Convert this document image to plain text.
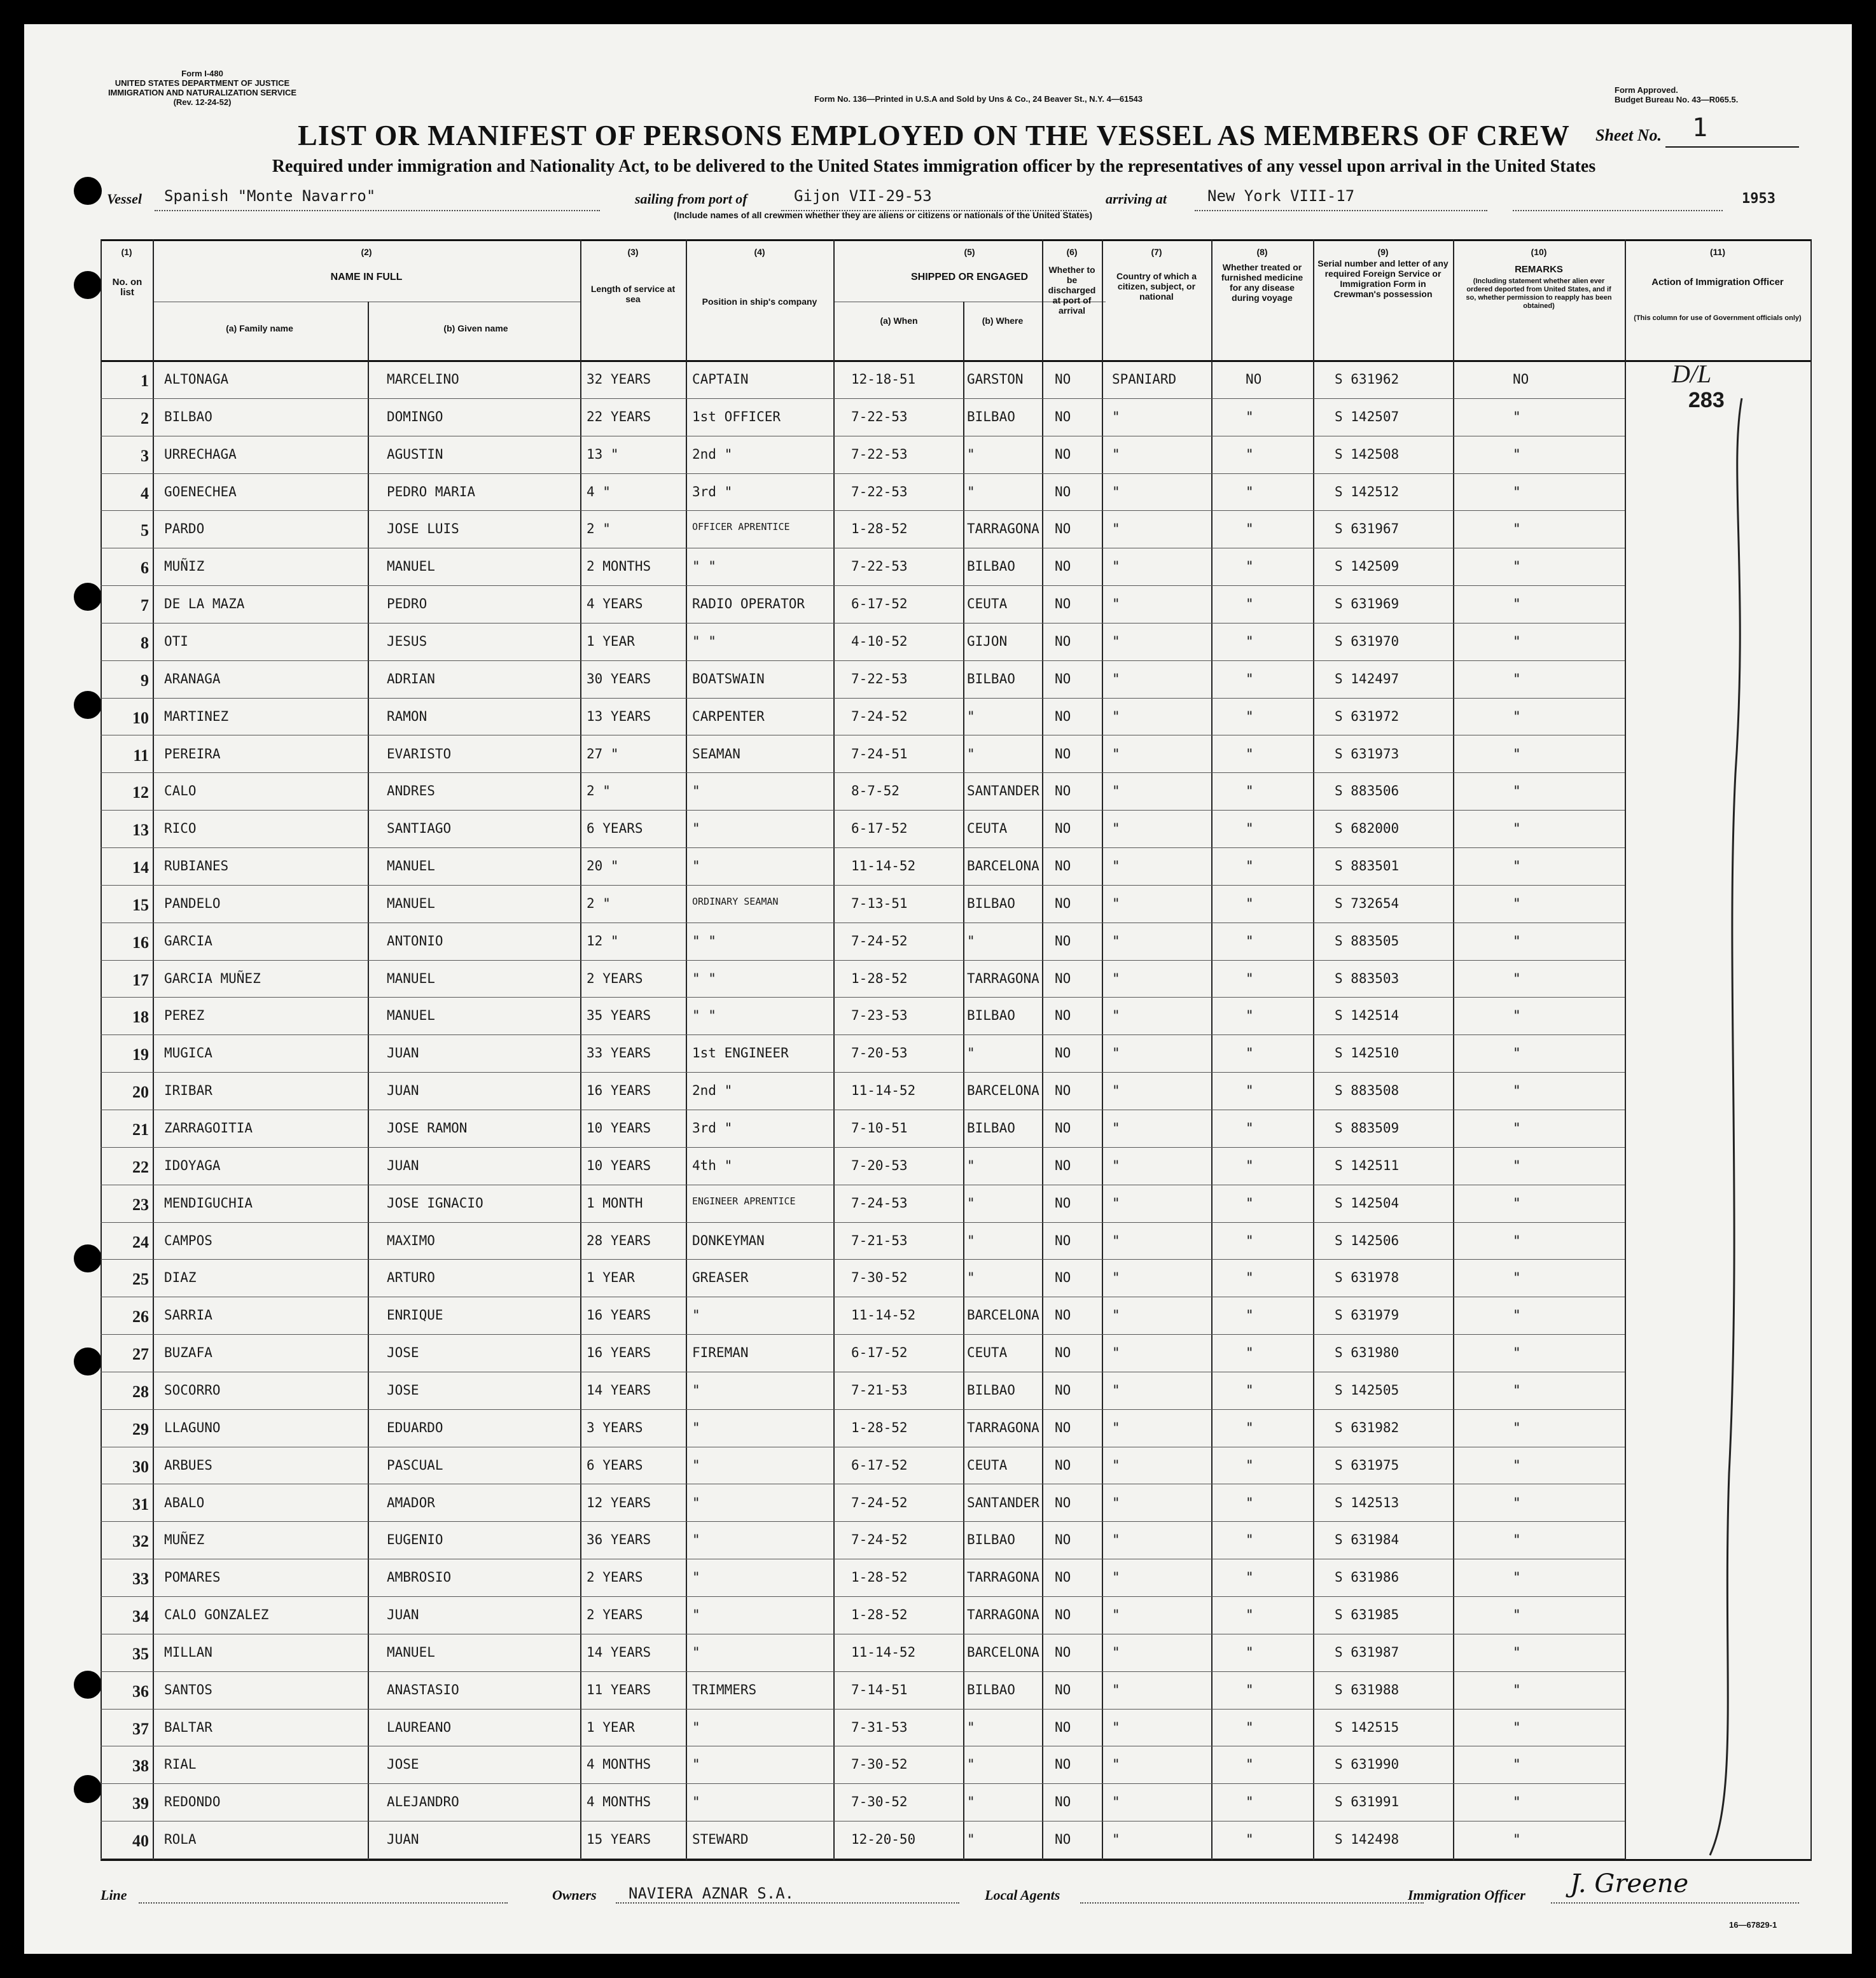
Form I-480
UNITED STATES DEPARTMENT OF JUSTICE
IMMIGRATION AND NATURALIZATION SERVICE
(Rev. 12-24-52)	Form No. 136—Printed in U.S.A and Sold by Uns & Co., 24 Beaver St., N.Y. 4—61543
Form Approved.
Budget Bureau No. 43—R065.5.
LIST OR MANIFEST OF PERSONS EMPLOYED ON THE VESSEL AS MEMBERS OF CREW	Sheet No. 1
Required under immigration and Nationality Act, to be delivered to the United States immigration officer by the representatives of any vessel upon arrival in the United States
Vessel Spanish "Monte Navarro"	sailing from port of	Gijon VII-29-53	arriving at	New York VIII-17	1953
(Include names of all crewmen whether they are aliens or citizens or nationals of the United States)
(1)
No. on list
(2)
NAME IN FULL
(a) Family name	(b) Given name
(3)
Length of service at sea
(4)
Position in ship's company
(5)
SHIPPED OR ENGAGED
(a) When	(b) Where
(6)
Whether to be discharged at port of arrival
(7)
Country of which a citizen, subject, or national
(8)
Whether treated or furnished medicine for any disease during voyage
(9)
Serial number and letter of any required Foreign Service or Immigration Form in Crewman's possession
(10)
REMARKS
(Including statement whether alien ever ordered deported from United States, and if so, whether permission to reapply has been obtained)
(11)
Action of Immigration Officer
(This column for use of Government officials only)
D/L
283
1 ALTONAGA	MARCELINO	32 YEARS	CAPTAIN	12-18-51	GARSTON NO	SPANIARD	NO	S 631962	NO
2 BILBAO	DOMINGO	22 YEARS	1st OFFICER	7-22-53	BILBAO	NO	"	"	S 142507	"
3 URRECHAGA	AGUSTIN	13 "	2nd "	7-22-53	"	NO	"	"	S 142508	"
4 GOENECHEA	PEDRO MARIA	4 "	3rd "	7-22-53	"	NO	"	"	S 142512	"
5 PARDO	JOSE LUIS	2 "	OFFICER APRENTICE	1-28-52	TARRAGONA NO	"	"	S 631967	"
6 MUÑIZ	MANUEL	2 MONTHS	" "	7-22-53	BILBAO	NO	"	"	S 142509	"
7 DE LA MAZA	PEDRO	4 YEARS	RADIO OPERATOR	6-17-52	CEUTA	NO	"	"	S 631969	"
8 OTI	JESUS	1 YEAR	" "	4-10-52	GIJON	NO	"	"	S 631970	"
9 ARANAGA	ADRIAN	30 YEARS	BOATSWAIN	7-22-53	BILBAO	NO	"	"	S 142497	"
10 MARTINEZ	RAMON	13 YEARS	CARPENTER	7-24-52	"	NO	"	"	S 631972	"
11 PEREIRA	EVARISTO	27 "	SEAMAN	7-24-51	"	NO	"	"	S 631973	"
12 CALO	ANDRES	2 "	"	8-7-52	SANTANDER NO	"	"	S 883506	"
13 RICO	SANTIAGO	6 YEARS	"	6-17-52	CEUTA	NO	"	"	S 682000	"
14 RUBIANES	MANUEL	20 "	"	11-14-52	BARCELONA NO	"	"	S 883501	"
15 PANDELO	MANUEL	2 "	ORDINARY SEAMAN	7-13-51	BILBAO	NO	"	"	S 732654	"
16 GARCIA	ANTONIO	12 "	" "	7-24-52	"	NO	"	"	S 883505	"
17 GARCIA MUÑEZ	MANUEL	2 YEARS	" "	1-28-52	TARRAGONA NO	"	"	S 883503	"
18 PEREZ	MANUEL	35 YEARS	" "	7-23-53	BILBAO	NO	"	"	S 142514	"
19 MUGICA	JUAN	33 YEARS	1st ENGINEER	7-20-53	"	NO	"	"	S 142510	"
20 IRIBAR	JUAN	16 YEARS	2nd "	11-14-52	BARCELONA NO	"	"	S 883508	"
21 ZARRAGOITIA	JOSE RAMON	10 YEARS	3rd "	7-10-51	BILBAO	NO	"	"	S 883509	"
22 IDOYAGA	JUAN	10 YEARS	4th "	7-20-53	"	NO	"	"	S 142511	"
23 MENDIGUCHIA	JOSE IGNACIO	1 MONTH	ENGINEER APRENTICE	7-24-53	"	NO	"	"	S 142504	"
24 CAMPOS	MAXIMO	28 YEARS	DONKEYMAN	7-21-53	"	NO	"	"	S 142506	"
25 DIAZ	ARTURO	1 YEAR	GREASER	7-30-52	"	NO	"	"	S 631978	"
26 SARRIA	ENRIQUE	16 YEARS	"	11-14-52	BARCELONA NO	"	"	S 631979	"
27 BUZAFA	JOSE	16 YEARS	FIREMAN	6-17-52	CEUTA	NO	"	"	S 631980	"
28 SOCORRO	JOSE	14 YEARS	"	7-21-53	BILBAO	NO	"	"	S 142505	"
29 LLAGUNO	EDUARDO	3 YEARS	"	1-28-52	TARRAGONA NO	"	"	S 631982	"
30 ARBUES	PASCUAL	6 YEARS	"	6-17-52	CEUTA	NO	"	"	S 631975	"
31 ABALO	AMADOR	12 YEARS	"	7-24-52	SANTANDER NO	"	"	S 142513	"
32 MUÑEZ	EUGENIO	36 YEARS	"	7-24-52	BILBAO	NO	"	"	S 631984	"
33 POMARES	AMBROSIO	2 YEARS	"	1-28-52	TARRAGONA NO	"	"	S 631986	"
34 CALO GONZALEZ	JUAN	2 YEARS	"	1-28-52	TARRAGONA NO	"	"	S 631985	"
35 MILLAN	MANUEL	14 YEARS	"	11-14-52	BARCELONA NO	"	"	S 631987	"
36 SANTOS	ANASTASIO	11 YEARS	TRIMMERS	7-14-51	BILBAO	NO	"	"	S 631988	"
37 BALTAR	LAUREANO	1 YEAR	"	7-31-53	"	NO	"	"	S 142515	"
38 RIAL	JOSE	4 MONTHS	"	7-30-52	"	NO	"	"	S 631990	"
39 REDONDO	ALEJANDRO	4 MONTHS	"	7-30-52	"	NO	"	"	S 631991	"
40 ROLA	JUAN	15 YEARS	STEWARD	12-20-50	"	NO	"	"	S 142498	"
Line	Owners NAVIERA AZNAR S.A.	Local Agents	Immigration Officer J. Greene
16—67829-1
